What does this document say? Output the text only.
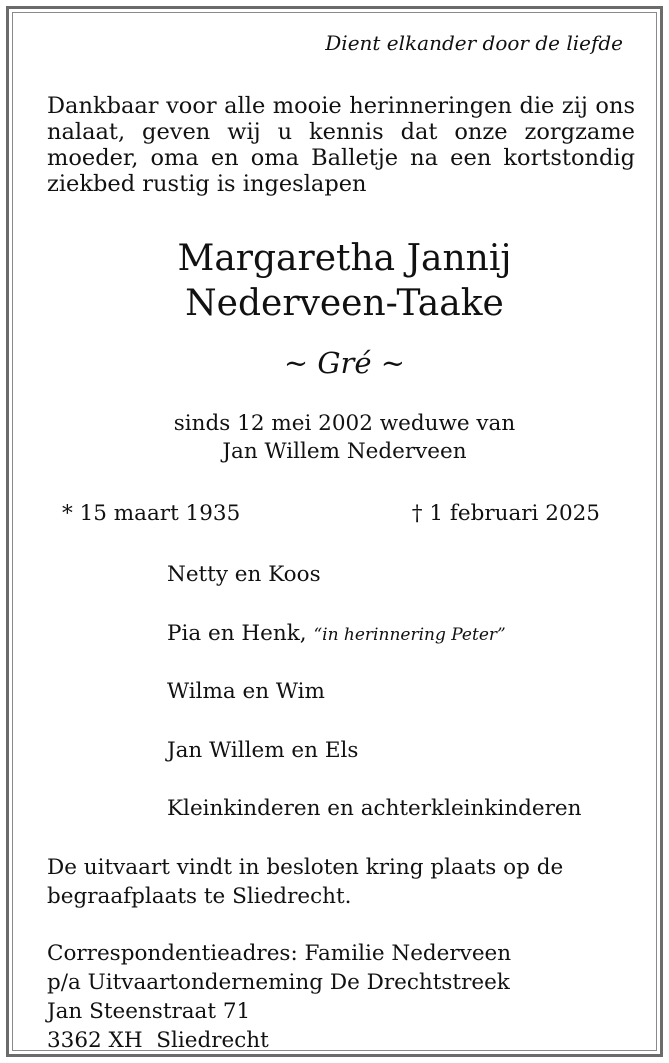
Dient elkander door de liefde
Dankbaar voor alle mooie herinneringen die zij ons nalaat, geven wij u kennis dat onze zorgzame moeder, oma en oma Balletje na een kortstondig ziekbed rustig is ingeslapen
Margaretha Jannij
Nederveen-Taake
~ Gré ~
sinds 12 mei 2002 weduwe van
Jan Willem Nederveen
* 15 maart 1935	† 1 februari 2025
Netty en Koos
Pia en Henk, “in herinnering Peter”
Wilma en Wim
Jan Willem en Els
Kleinkinderen en achterkleinkinderen
De uitvaart vindt in besloten kring plaats op de begraafplaats te Sliedrecht.
Correspondentieadres: Familie Nederveen
p/a Uitvaartonderneming De Drechtstreek
Jan Steenstraat 71
3362 XH  Sliedrecht
